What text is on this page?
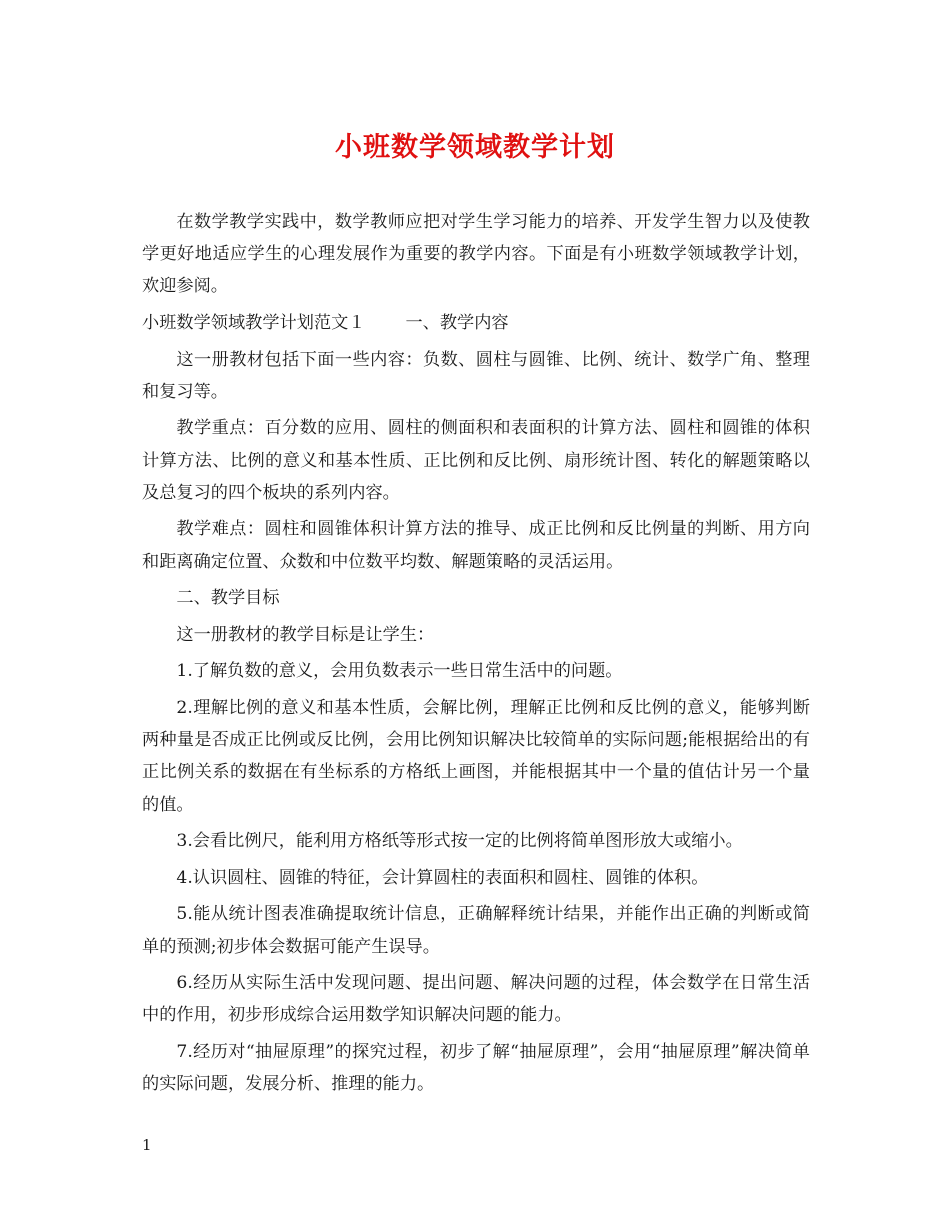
小班数学领域教学计划

在数学教学实践中，数学教师应把对学生学习能力的培养、开发学生智力以及使教学更好地适应学生的心理发展作为重要的教学内容。下面是有小班数学领域教学计划，欢迎参阅。

小班数学领域教学计划范文１ 一、教学内容

这一册教材包括下面一些内容：负数、圆柱与圆锥、比例、统计、数学广角、整理和复习等。

教学重点：百分数的应用、圆柱的侧面积和表面积的计算方法、圆柱和圆锥的体积计算方法、比例的意义和基本性质、正比例和反比例、扇形统计图、转化的解题策略以及总复习的四个板块的系列内容。

教学难点：圆柱和圆锥体积计算方法的推导、成正比例和反比例量的判断、用方向和距离确定位置、众数和中位数平均数、解题策略的灵活运用。

二、教学目标

这一册教材的教学目标是让学生：

1.了解负数的意义，会用负数表示一些日常生活中的问题。

2.理解比例的意义和基本性质，会解比例，理解正比例和反比例的意义，能够判断两种量是否成正比例或反比例，会用比例知识解决比较简单的实际问题;能根据给出的有正比例关系的数据在有坐标系的方格纸上画图，并能根据其中一个量的值估计另一个量的值。

3.会看比例尺，能利用方格纸等形式按一定的比例将简单图形放大或缩小。

4.认识圆柱、圆锥的特征，会计算圆柱的表面积和圆柱、圆锥的体积。

5.能从统计图表准确提取统计信息，正确解释统计结果，并能作出正确的判断或简单的预测;初步体会数据可能产生误导。

6.经历从实际生活中发现问题、提出问题、解决问题的过程，体会数学在日常生活中的作用，初步形成综合运用数学知识解决问题的能力。

7.经历对“抽屉原理”的探究过程，初步了解“抽屉原理”，会用“抽屉原理”解决简单的实际问题，发展分析、推理的能力。

1
